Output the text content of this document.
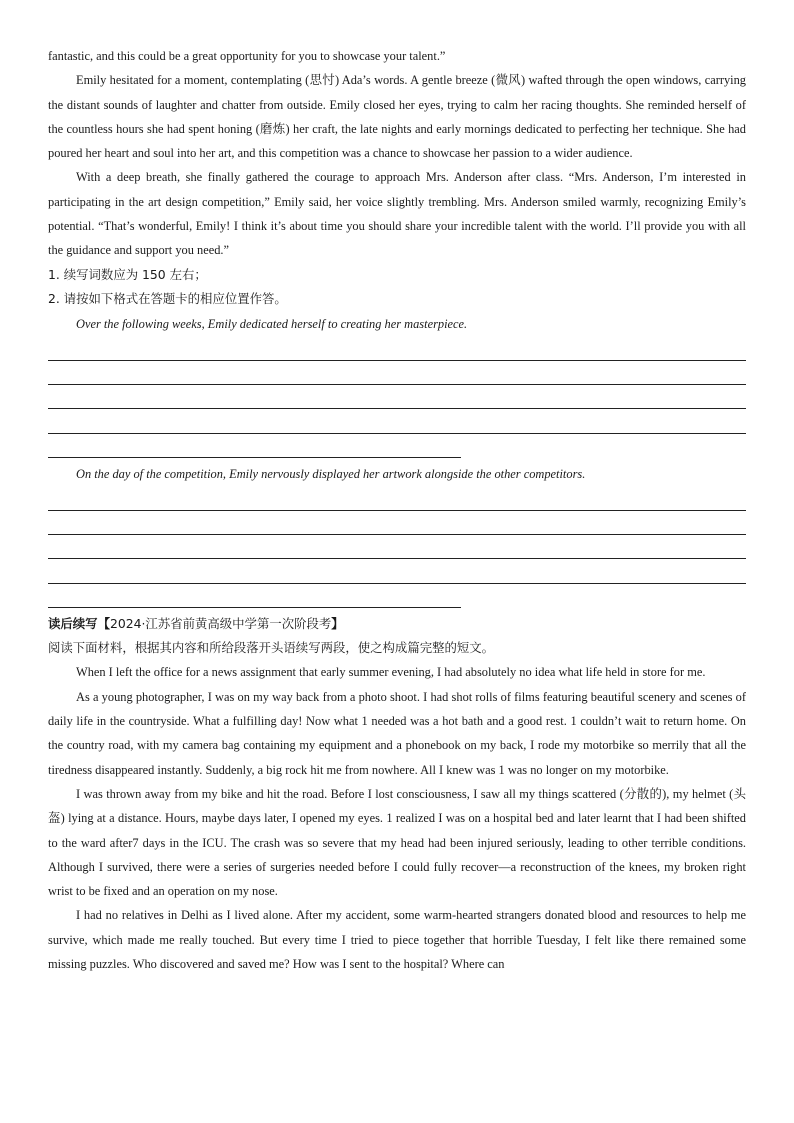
fantastic, and this could be a great opportunity for you to showcase your talent.”

Emily hesitated for a moment, contemplating (思忖) Ada’s words. A gentle breeze (微风) wafted through the open windows, carrying the distant sounds of laughter and chatter from outside. Emily closed her eyes, trying to calm her racing thoughts. She reminded herself of the countless hours she had spent honing (磨炼) her craft, the late nights and early mornings dedicated to perfecting her technique. She had poured her heart and soul into her art, and this competition was a chance to showcase her passion to a wider audience.

With a deep breath, she finally gathered the courage to approach Mrs. Anderson after class. “Mrs. Anderson, I’m interested in participating in the art design competition,” Emily said, her voice slightly trembling. Mrs. Anderson smiled warmly, recognizing Emily’s potential. “That’s wonderful, Emily! I think it’s about time you should share your incredible talent with the world. I’ll provide you with all the guidance and support you need.”

1. 续写词数应为 150 左右；

2. 请按如下格式在答题卡的相应位置作答。

Over the following weeks, Emily dedicated herself to creating her masterpiece.

On the day of the competition, Emily nervously displayed her artwork alongside the other competitors.

读后续写【2024·江苏省前黄高级中学第一次阶段考】

阅读下面材料，根据其内容和所给段落开头语续写两段，使之构成篇完整的短文。

When I left the office for a news assignment that early summer evening, I had absolutely no idea what life held in store for me.

As a young photographer, I was on my way back from a photo shoot. I had shot rolls of films featuring beautiful scenery and scenes of daily life in the countryside. What a fulfilling day! Now what 1 needed was a hot bath and a good rest. 1 couldn’t wait to return home. On the country road, with my camera bag containing my equipment and a phonebook on my back, I rode my motorbike so merrily that all the tiredness disappeared instantly. Suddenly, a big rock hit me from nowhere. All I knew was 1 was no longer on my motorbike.

I was thrown away from my bike and hit the road. Before I lost consciousness, I saw all my things scattered (分散的), my helmet (头盔) lying at a distance. Hours, maybe days later, I opened my eyes. 1 realized I was on a hospital bed and later learnt that I had been shifted to the ward after7 days in the ICU. The crash was so severe that my head had been injured seriously, leading to other terrible conditions. Although I survived, there were a series of surgeries needed before I could fully recover—a reconstruction of the knees, my broken right wrist to be fixed and an operation on my nose.

I had no relatives in Delhi as I lived alone. After my accident, some warm-hearted strangers donated blood and resources to help me survive, which made me really touched. But every time I tried to piece together that horrible Tuesday, I felt like there remained some missing puzzles. Who discovered and saved me? How was I sent to the hospital? Where can
